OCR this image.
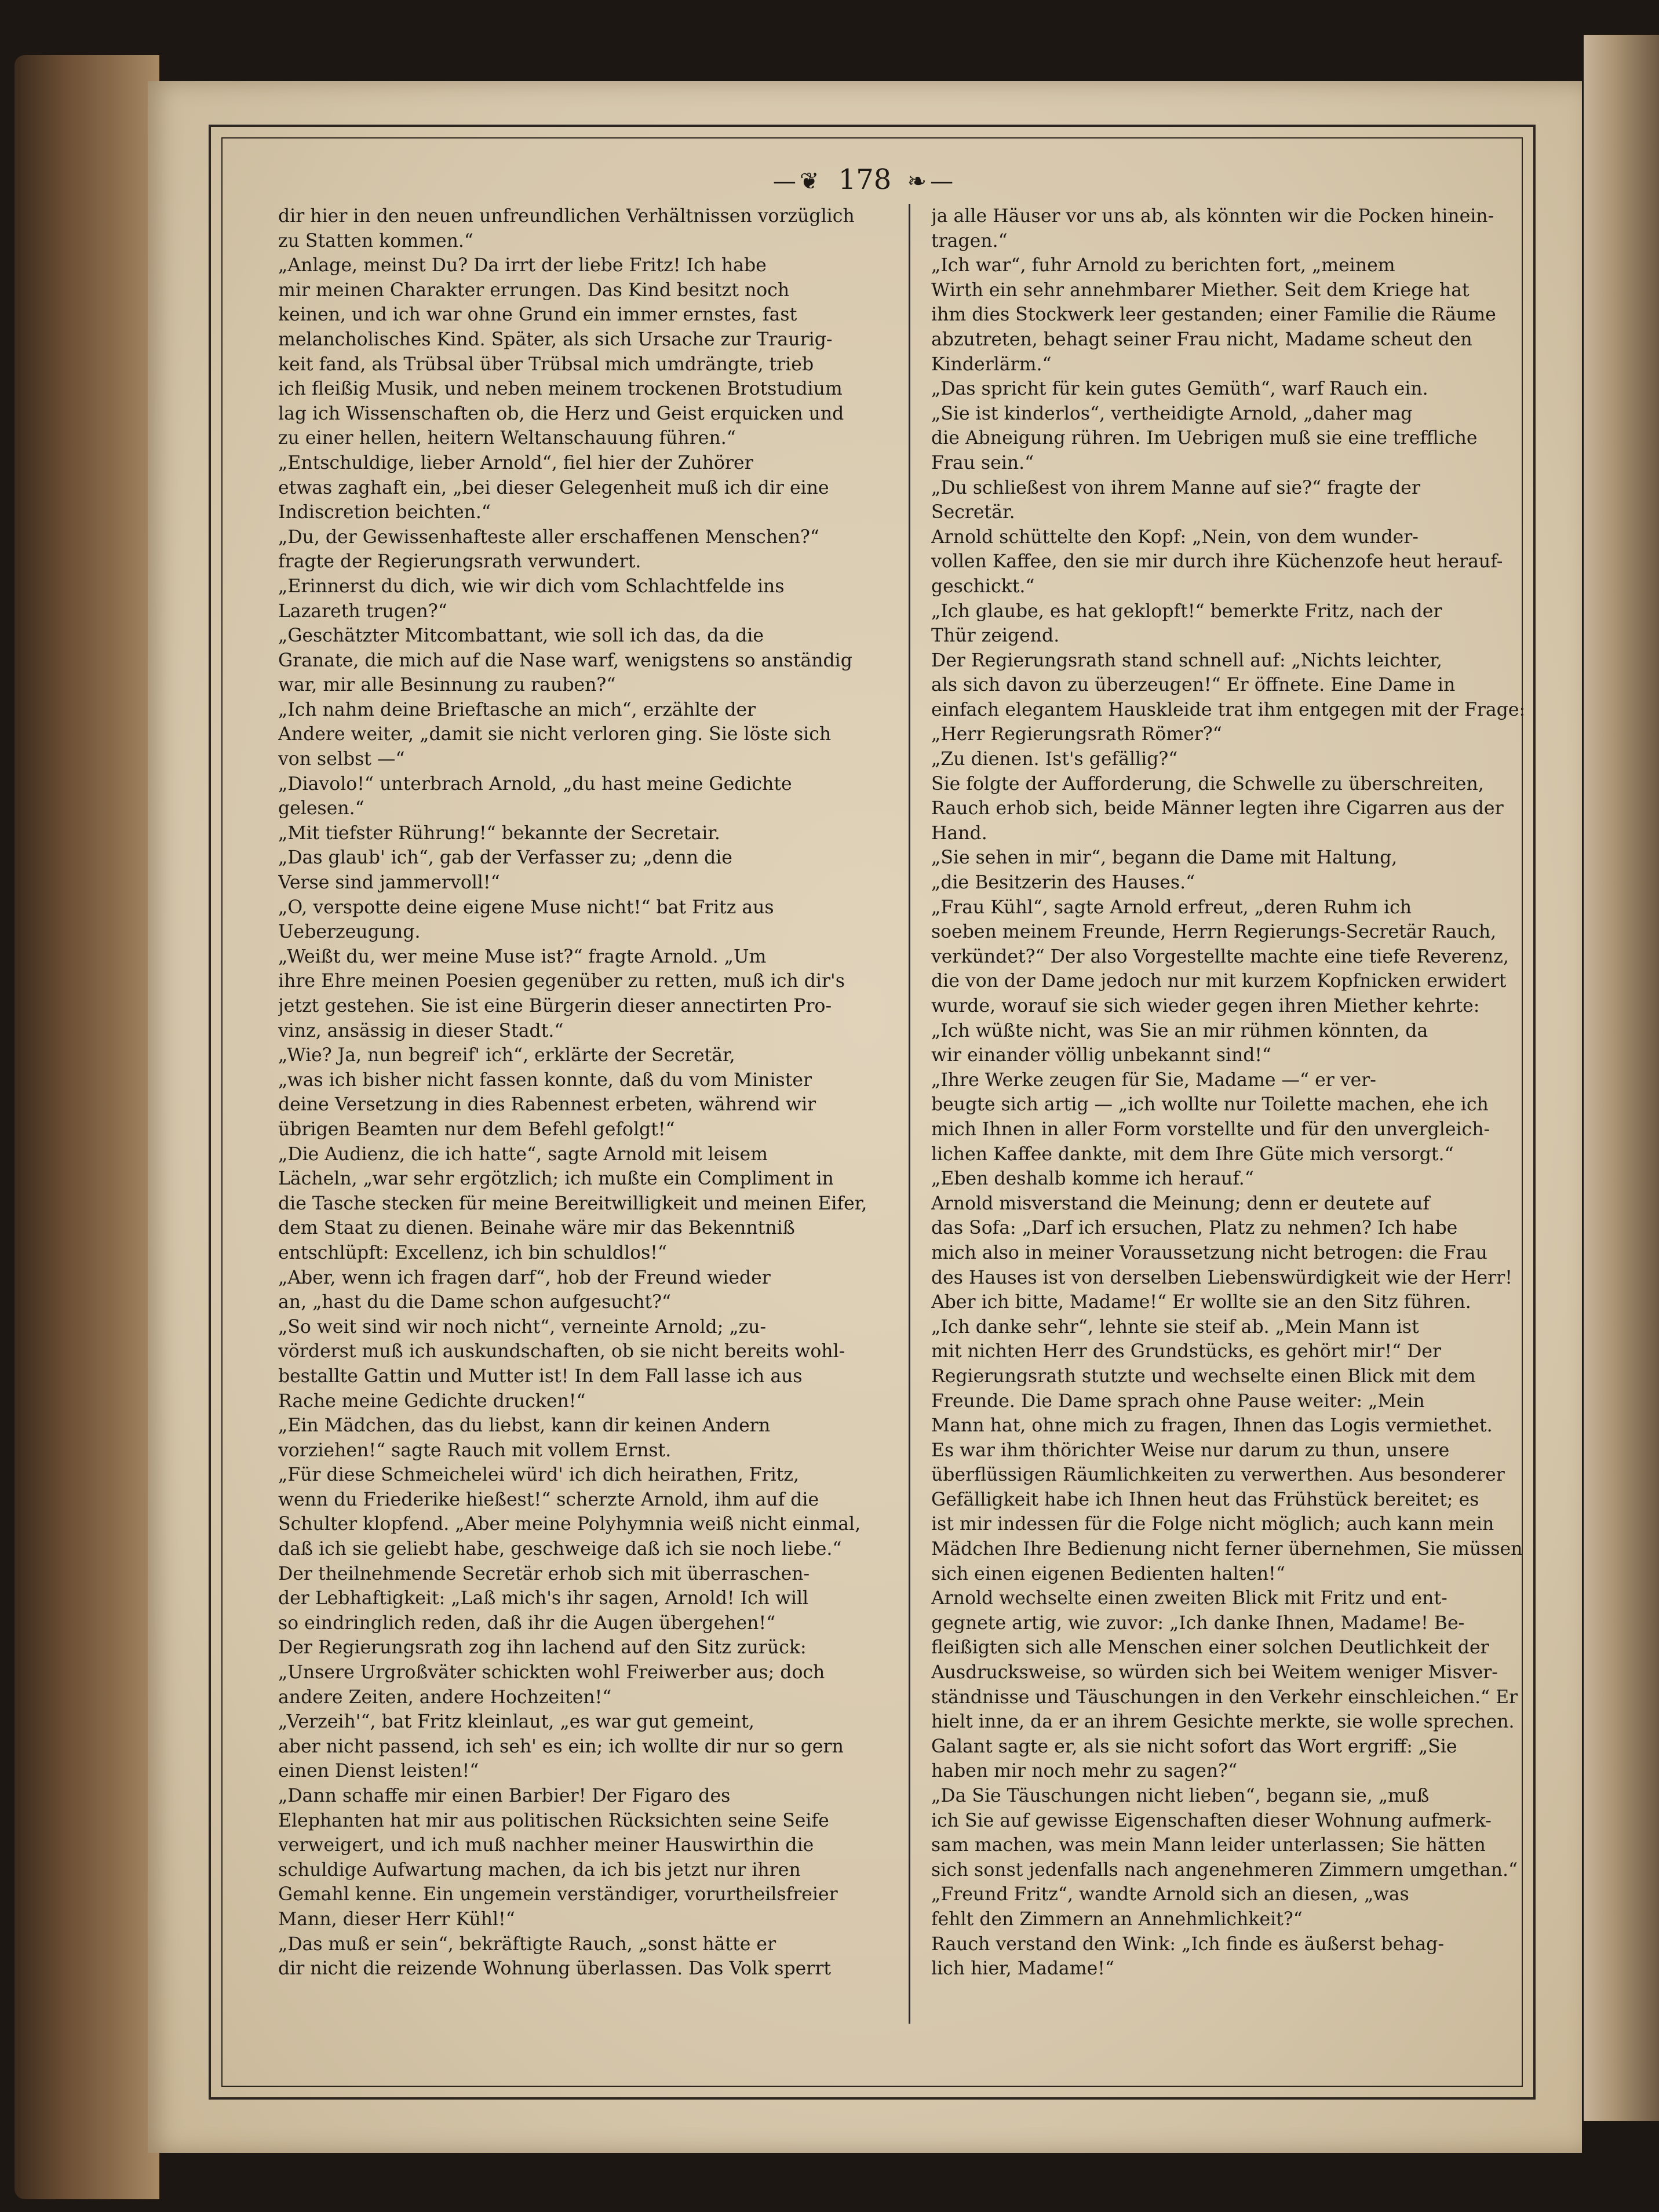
—❦ 178 ❧—
dir hier in den neuen unfreundlichen Verhältnissen vorzüglich
zu Statten kommen.“
„Anlage, meinst Du? Da irrt der liebe Fritz! Ich habe
mir meinen Charakter errungen. Das Kind besitzt noch
keinen, und ich war ohne Grund ein immer ernstes, fast
melancholisches Kind. Später, als sich Ursache zur Traurig-
keit fand, als Trübsal über Trübsal mich umdrängte, trieb
ich fleißig Musik, und neben meinem trockenen Brotstudium
lag ich Wissenschaften ob, die Herz und Geist erquicken und
zu einer hellen, heitern Weltanschauung führen.“
„Entschuldige, lieber Arnold“, fiel hier der Zuhörer
etwas zaghaft ein, „bei dieser Gelegenheit muß ich dir eine
Indiscretion beichten.“
„Du, der Gewissenhafteste aller erschaffenen Menschen?“
fragte der Regierungsrath verwundert.
„Erinnerst du dich, wie wir dich vom Schlachtfelde ins
Lazareth trugen?“
„Geschätzter Mitcombattant, wie soll ich das, da die
Granate, die mich auf die Nase warf, wenigstens so anständig
war, mir alle Besinnung zu rauben?“
„Ich nahm deine Brieftasche an mich“, erzählte der
Andere weiter, „damit sie nicht verloren ging. Sie löste sich
von selbst —“
„Diavolo!“ unterbrach Arnold, „du hast meine Gedichte
gelesen.“
„Mit tiefster Rührung!“ bekannte der Secretair.
„Das glaub' ich“, gab der Verfasser zu; „denn die
Verse sind jammervoll!“
„O, verspotte deine eigene Muse nicht!“ bat Fritz aus
Ueberzeugung.
„Weißt du, wer meine Muse ist?“ fragte Arnold. „Um
ihre Ehre meinen Poesien gegenüber zu retten, muß ich dir's
jetzt gestehen. Sie ist eine Bürgerin dieser annectirten Pro-
vinz, ansässig in dieser Stadt.“
„Wie? Ja, nun begreif' ich“, erklärte der Secretär,
„was ich bisher nicht fassen konnte, daß du vom Minister
deine Versetzung in dies Rabennest erbeten, während wir
übrigen Beamten nur dem Befehl gefolgt!“
„Die Audienz, die ich hatte“, sagte Arnold mit leisem
Lächeln, „war sehr ergötzlich; ich mußte ein Compliment in
die Tasche stecken für meine Bereitwilligkeit und meinen Eifer,
dem Staat zu dienen. Beinahe wäre mir das Bekenntniß
entschlüpft: Excellenz, ich bin schuldlos!“
„Aber, wenn ich fragen darf“, hob der Freund wieder
an, „hast du die Dame schon aufgesucht?“
„So weit sind wir noch nicht“, verneinte Arnold; „zu-
vörderst muß ich auskundschaften, ob sie nicht bereits wohl-
bestallte Gattin und Mutter ist! In dem Fall lasse ich aus
Rache meine Gedichte drucken!“
„Ein Mädchen, das du liebst, kann dir keinen Andern
vorziehen!“ sagte Rauch mit vollem Ernst.
„Für diese Schmeichelei würd' ich dich heirathen, Fritz,
wenn du Friederike hießest!“ scherzte Arnold, ihm auf die
Schulter klopfend. „Aber meine Polyhymnia weiß nicht einmal,
daß ich sie geliebt habe, geschweige daß ich sie noch liebe.“
Der theilnehmende Secretär erhob sich mit überraschen-
der Lebhaftigkeit: „Laß mich's ihr sagen, Arnold! Ich will
so eindringlich reden, daß ihr die Augen übergehen!“
Der Regierungsrath zog ihn lachend auf den Sitz zurück:
„Unsere Urgroßväter schickten wohl Freiwerber aus; doch
andere Zeiten, andere Hochzeiten!“
„Verzeih'“, bat Fritz kleinlaut, „es war gut gemeint,
aber nicht passend, ich seh' es ein; ich wollte dir nur so gern
einen Dienst leisten!“
„Dann schaffe mir einen Barbier! Der Figaro des
Elephanten hat mir aus politischen Rücksichten seine Seife
verweigert, und ich muß nachher meiner Hauswirthin die
schuldige Aufwartung machen, da ich bis jetzt nur ihren
Gemahl kenne. Ein ungemein verständiger, vorurtheilsfreier
Mann, dieser Herr Kühl!“
„Das muß er sein“, bekräftigte Rauch, „sonst hätte er
dir nicht die reizende Wohnung überlassen. Das Volk sperrt
ja alle Häuser vor uns ab, als könnten wir die Pocken hinein-
tragen.“
„Ich war“, fuhr Arnold zu berichten fort, „meinem
Wirth ein sehr annehmbarer Miether. Seit dem Kriege hat
ihm dies Stockwerk leer gestanden; einer Familie die Räume
abzutreten, behagt seiner Frau nicht, Madame scheut den
Kinderlärm.“
„Das spricht für kein gutes Gemüth“, warf Rauch ein.
„Sie ist kinderlos“, vertheidigte Arnold, „daher mag
die Abneigung rühren. Im Uebrigen muß sie eine treffliche
Frau sein.“
„Du schließest von ihrem Manne auf sie?“ fragte der
Secretär.
Arnold schüttelte den Kopf: „Nein, von dem wunder-
vollen Kaffee, den sie mir durch ihre Küchenzofe heut herauf-
geschickt.“
„Ich glaube, es hat geklopft!“ bemerkte Fritz, nach der
Thür zeigend.
Der Regierungsrath stand schnell auf: „Nichts leichter,
als sich davon zu überzeugen!“ Er öffnete. Eine Dame in
einfach elegantem Hauskleide trat ihm entgegen mit der Frage:
„Herr Regierungsrath Römer?“
„Zu dienen. Ist's gefällig?“
Sie folgte der Aufforderung, die Schwelle zu überschreiten,
Rauch erhob sich, beide Männer legten ihre Cigarren aus der
Hand.
„Sie sehen in mir“, begann die Dame mit Haltung,
„die Besitzerin des Hauses.“
„Frau Kühl“, sagte Arnold erfreut, „deren Ruhm ich
soeben meinem Freunde, Herrn Regierungs-Secretär Rauch,
verkündet?“ Der also Vorgestellte machte eine tiefe Reverenz,
die von der Dame jedoch nur mit kurzem Kopfnicken erwidert
wurde, worauf sie sich wieder gegen ihren Miether kehrte:
„Ich wüßte nicht, was Sie an mir rühmen könnten, da
wir einander völlig unbekannt sind!“
„Ihre Werke zeugen für Sie, Madame —“ er ver-
beugte sich artig — „ich wollte nur Toilette machen, ehe ich
mich Ihnen in aller Form vorstellte und für den unvergleich-
lichen Kaffee dankte, mit dem Ihre Güte mich versorgt.“
„Eben deshalb komme ich herauf.“
Arnold misverstand die Meinung; denn er deutete auf
das Sofa: „Darf ich ersuchen, Platz zu nehmen? Ich habe
mich also in meiner Voraussetzung nicht betrogen: die Frau
des Hauses ist von derselben Liebenswürdigkeit wie der Herr!
Aber ich bitte, Madame!“ Er wollte sie an den Sitz führen.
„Ich danke sehr“, lehnte sie steif ab. „Mein Mann ist
mit nichten Herr des Grundstücks, es gehört mir!“ Der
Regierungsrath stutzte und wechselte einen Blick mit dem
Freunde. Die Dame sprach ohne Pause weiter: „Mein
Mann hat, ohne mich zu fragen, Ihnen das Logis vermiethet.
Es war ihm thörichter Weise nur darum zu thun, unsere
überflüssigen Räumlichkeiten zu verwerthen. Aus besonderer
Gefälligkeit habe ich Ihnen heut das Frühstück bereitet; es
ist mir indessen für die Folge nicht möglich; auch kann mein
Mädchen Ihre Bedienung nicht ferner übernehmen, Sie müssen
sich einen eigenen Bedienten halten!“
Arnold wechselte einen zweiten Blick mit Fritz und ent-
gegnete artig, wie zuvor: „Ich danke Ihnen, Madame! Be-
fleißigten sich alle Menschen einer solchen Deutlichkeit der
Ausdrucksweise, so würden sich bei Weitem weniger Misver-
ständnisse und Täuschungen in den Verkehr einschleichen.“ Er
hielt inne, da er an ihrem Gesichte merkte, sie wolle sprechen.
Galant sagte er, als sie nicht sofort das Wort ergriff: „Sie
haben mir noch mehr zu sagen?“
„Da Sie Täuschungen nicht lieben“, begann sie, „muß
ich Sie auf gewisse Eigenschaften dieser Wohnung aufmerk-
sam machen, was mein Mann leider unterlassen; Sie hätten
sich sonst jedenfalls nach angenehmeren Zimmern umgethan.“
„Freund Fritz“, wandte Arnold sich an diesen, „was
fehlt den Zimmern an Annehmlichkeit?“
Rauch verstand den Wink: „Ich finde es äußerst behag-
lich hier, Madame!“
